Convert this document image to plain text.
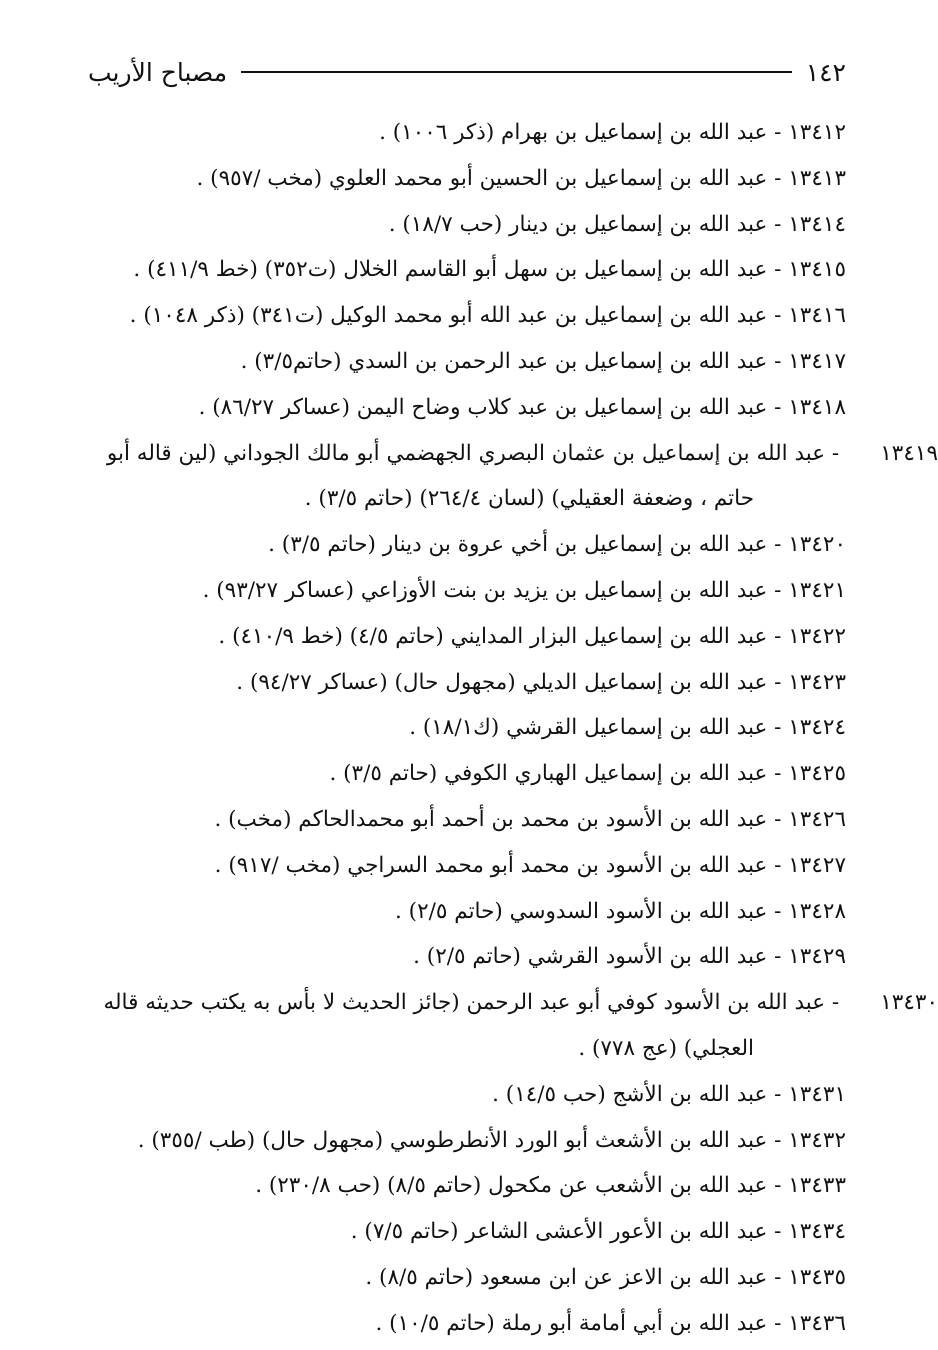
١٤٢
مصباح الأريب
١٣٤١٢ - عبد الله بن إسماعيل بن بهرام (ذكر ١٠٠٦) .
١٣٤١٣ - عبد الله بن إسماعيل بن الحسين أبو محمد العلوي (مخب /٩٥٧) .
١٣٤١٤ - عبد الله بن إسماعيل بن دينار (حب ١٨/٧) .
١٣٤١٥ - عبد الله بن إسماعيل بن سهل أبو القاسم الخلال (ت٣٥٢) (خط ٤١١/٩) .
١٣٤١٦ - عبد الله بن إسماعيل بن عبد الله أبو محمد الوكيل (ت٣٤١) (ذكر ١٠٤٨) .
١٣٤١٧ - عبد الله بن إسماعيل بن عبد الرحمن بن السدي (حاتم٣/٥) .
١٣٤١٨ - عبد الله بن إسماعيل بن عبد كلاب وضاح اليمن (عساكر ٨٦/٢٧) .
١٣٤١٩ - عبد الله بن إسماعيل بن عثمان البصري الجهضمي أبو مالك الجوداني (لين قاله أبو حاتم ، وضعفة العقيلي) (لسان ٢٦٤/٤) (حاتم ٣/٥) .
١٣٤٢٠ - عبد الله بن إسماعيل بن أخي عروة بن دينار (حاتم ٣/٥) .
١٣٤٢١ - عبد الله بن إسماعيل بن يزيد بن بنت الأوزاعي (عساكر ٩٣/٢٧) .
١٣٤٢٢ - عبد الله بن إسماعيل البزار المدايني (حاتم ٤/٥) (خط ٤١٠/٩) .
١٣٤٢٣ - عبد الله بن إسماعيل الديلي (مجهول حال) (عساكر ٩٤/٢٧) .
١٣٤٢٤ - عبد الله بن إسماعيل القرشي (ك١٨/١) .
١٣٤٢٥ - عبد الله بن إسماعيل الهباري الكوفي (حاتم ٣/٥) .
١٣٤٢٦ - عبد الله بن الأسود بن محمد بن أحمد أبو محمدالحاكم (مخب) .
١٣٤٢٧ - عبد الله بن الأسود بن محمد أبو محمد السراجي (مخب /٩١٧) .
١٣٤٢٨ - عبد الله بن الأسود السدوسي (حاتم ٢/٥) .
١٣٤٢٩ - عبد الله بن الأسود القرشي (حاتم ٢/٥) .
١٣٤٣٠ - عبد الله بن الأسود كوفي أبو عبد الرحمن (جائز الحديث لا بأس به يكتب حديثه قاله العجلي) (عج ٧٧٨) .
١٣٤٣١ - عبد الله بن الأشج (حب ١٤/٥) .
١٣٤٣٢ - عبد الله بن الأشعث أبو الورد الأنطرطوسي (مجهول حال) (طب /٣٥٥) .
١٣٤٣٣ - عبد الله بن الأشعب عن مكحول (حاتم ٨/٥) (حب ٢٣٠/٨) .
١٣٤٣٤ - عبد الله بن الأعور الأعشى الشاعر (حاتم ٧/٥) .
١٣٤٣٥ - عبد الله بن الاعز عن ابن مسعود (حاتم ٨/٥) .
١٣٤٣٦ - عبد الله بن أبي أمامة أبو رملة (حاتم ١٠/٥) .
